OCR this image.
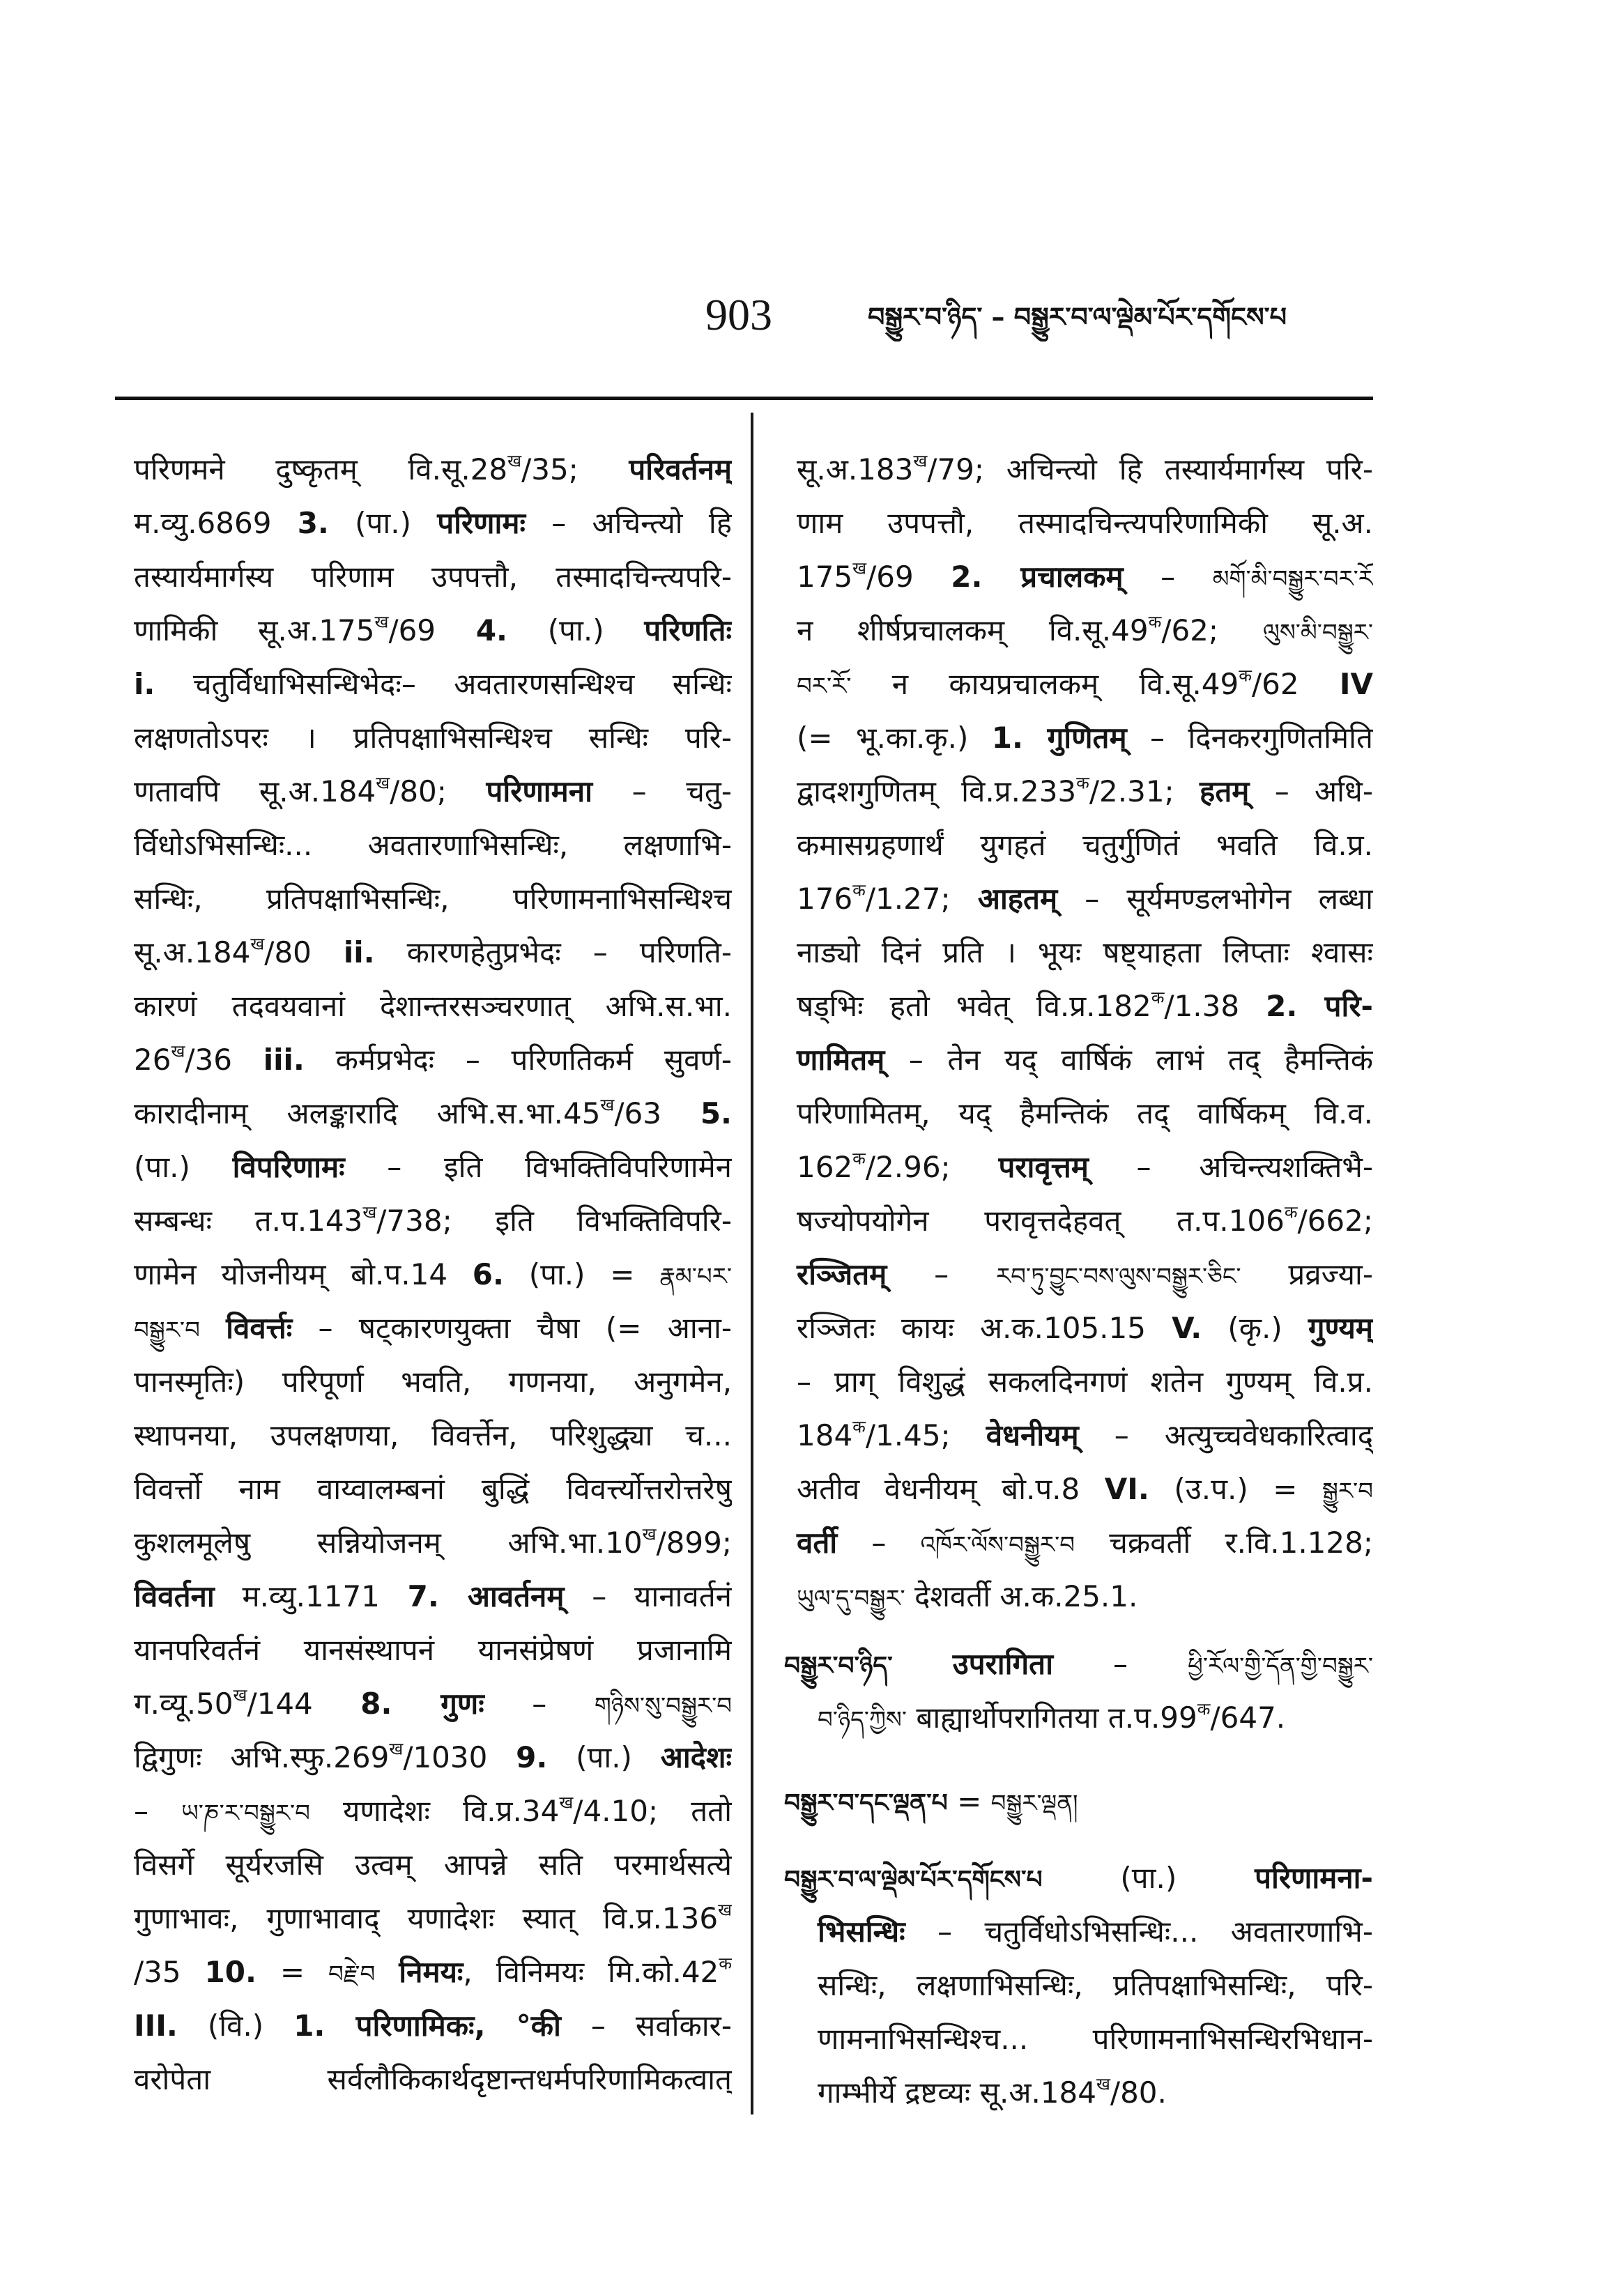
903	བསྒྱུར་བ་ཉིད་ – བསྒྱུར་བ་ལ་ལྡེམ་པོར་དགོངས་པ
परिणमने दुष्कृतम् $वि.सू.28^ख/35$; परिवर्तनम्
म.व्यु.6869 3. (पा.) परिणामः – अचिन्त्यो हि
तस्यार्यमार्गस्य परिणाम उपपत्तौ, तस्मादचिन्त्यपरि-
णामिकी $सू.अ.175^ख/69$ 4. (पा.) परिणतिः
i. चतुर्विधाभिसन्धिभेदः– अवतारणसन्धिश्च सन्धिः
लक्षणतोऽपरः । प्रतिपक्षाभिसन्धिश्च सन्धिः परि-
णतावपि $सू.अ.184^ख/80$; परिणामना – चतु-
र्विधोऽभिसन्धिः... अवतारणाभिसन्धिः, लक्षणाभि-
सन्धिः, प्रतिपक्षाभिसन्धिः, परिणामनाभिसन्धिश्च
$सू.अ.184^ख/80$ ii. कारणहेतुप्रभेदः – परिणति-
कारणं तदवयवानां देशान्तरसञ्चरणात् अभि.स.भा.
$26^ख/36$ iii. कर्मप्रभेदः – परिणतिकर्म सुवर्ण-
कारादीनाम् अलङ्कारादि $अभि.स.भा.45^ख/63$ 5.
(पा.) विपरिणामः – इति विभक्तिविपरिणामेन
सम्बन्धः $त.प.143^ख/738$; इति विभक्तिविपरि-
णामेन योजनीयम् बो.प.14 6. (पा.) = རྣམ་པར་
བསྒྱུར་བ विवर्त्तः – षट्कारणयुक्ता चैषा (= आना-
पानस्मृतिः) परिपूर्णा भवति, गणनया, अनुगमेन,
स्थापनया, उपलक्षणया, विवर्त्तेन, परिशुद्ध्या च...
विवर्त्तो नाम वाय्वालम्बनां बुद्धिं विवर्त्त्योत्तरोत्तरेषु
कुशलमूलेषु सन्नियोजनम् $अभि.भा.10^ख/899$;
विवर्तना म.व्यु.1171 7. आवर्तनम् – यानावर्तनं
यानपरिवर्तनं यानसंस्थापनं यानसंप्रेषणं प्रजानामि
$ग.व्यू.50^ख/144$ 8. गुणः – གཉིས་སུ་བསྒྱུར་བ
द्विगुणः $अभि.स्फु.269^ख/1030$ 9. (पा.) आदेशः
– ཡ་ཎ་ར་བསྒྱུར་བ यणादेशः $वि.प्र.34^ख/4.10$; ततो
विसर्गे सूर्यरजसि उत्वम् आपन्ने सति परमार्थसत्ये
गुणाभावः, गुणाभावाद् यणादेशः स्यात् $वि.प्र.136^ख$
/35 10. = བརྗེ་བ निमयः, विनिमयः $मि.को.42^क$
III. (वि.) 1. परिणामिकः, °की – सर्वाकार-
वरोपेता सर्वलौकिकार्थदृष्टान्तधर्मपरिणामिकत्वात्
$सू.अ.183^ख/79$; अचिन्त्यो हि तस्यार्यमार्गस्य परि-
णाम उपपत्तौ, तस्मादचिन्त्यपरिणामिकी सू.अ.
$175^ख/69$ 2. प्रचालकम् – མགོ་མི་བསྒྱུར་བར་རོ
न शीर्षप्रचालकम् $वि.सू.49^क/62$; ལུས་མི་བསྒྱུར་
བར་རོ་ न कायप्रचालकम् $वि.सू.49^क/62$ IV
(= भू.का.कृ.) 1. गुणितम् – दिनकरगुणितमिति
द्वादशगुणितम् $वि.प्र.233^क/2.31$; हतम् – अधि-
कमासग्रहणार्थं युगहतं चतुर्गुणितं भवति वि.प्र.
$176^क/1.27$; आहतम् – सूर्यमण्डलभोगेन लब्धा
नाड्यो दिनं प्रति । भूयः षष्ट्याहता लिप्ताः श्वासः
षड्भिः हतो भवेत् $वि.प्र.182^क/1.38$ 2. परि-
णामितम् – तेन यद् वार्षिकं लाभं तद् हैमन्तिकं
परिणामितम्, यद् हैमन्तिकं तद् वार्षिकम् वि.व.
$162^क/2.96$; परावृत्तम् – अचिन्त्यशक्तिभै-
षज्योपयोगेन परावृत्तदेहवत् $त.प.106^क/662$;
रञ्जितम् – རབ་ཏུ་བྱུང་བས་ལུས་བསྒྱུར་ཅིང་ प्रव्रज्या-
रञ्जितः कायः अ.क.105.15 V. (कृ.) गुण्यम्
– प्राग् विशुद्धं सकलदिनगणं शतेन गुण्यम् वि.प्र.
$184^क/1.45$; वेधनीयम् – अत्युच्चवेधकारित्वाद्
अतीव वेधनीयम् बो.प.8 VI. (उ.प.) = སྒྱུར་བ
वर्ती – འཁོར་ལོས་བསྒྱུར་བ चक्रवर्ती र.वि.1.128;
ཡུལ་དུ་བསྒྱུར་ देशवर्ती अ.क.25.1.
བསྒྱུར་བ་ཉིད་ उपरागिता – ཕྱི་རོལ་གྱི་དོན་གྱི་བསྒྱུར་
བ་ཉིད་ཀྱིས་ बाह्यार्थोपरागितया $त.प.99^क/647$.
བསྒྱུར་བ་དང་ལྡན་པ = བསྒྱུར་ལྡན།
བསྒྱུར་བ་ལ་ལྡེམ་པོར་དགོངས་པ (पा.) परिणामना-
भिसन्धिः – चतुर्विधोऽभिसन्धिः... अवतारणाभि-
सन्धिः, लक्षणाभिसन्धिः, प्रतिपक्षाभिसन्धिः, परि-
णामनाभिसन्धिश्च... परिणामनाभिसन्धिरभिधान-
गाम्भीर्ये द्रष्टव्यः $सू.अ.184^ख/80$.
